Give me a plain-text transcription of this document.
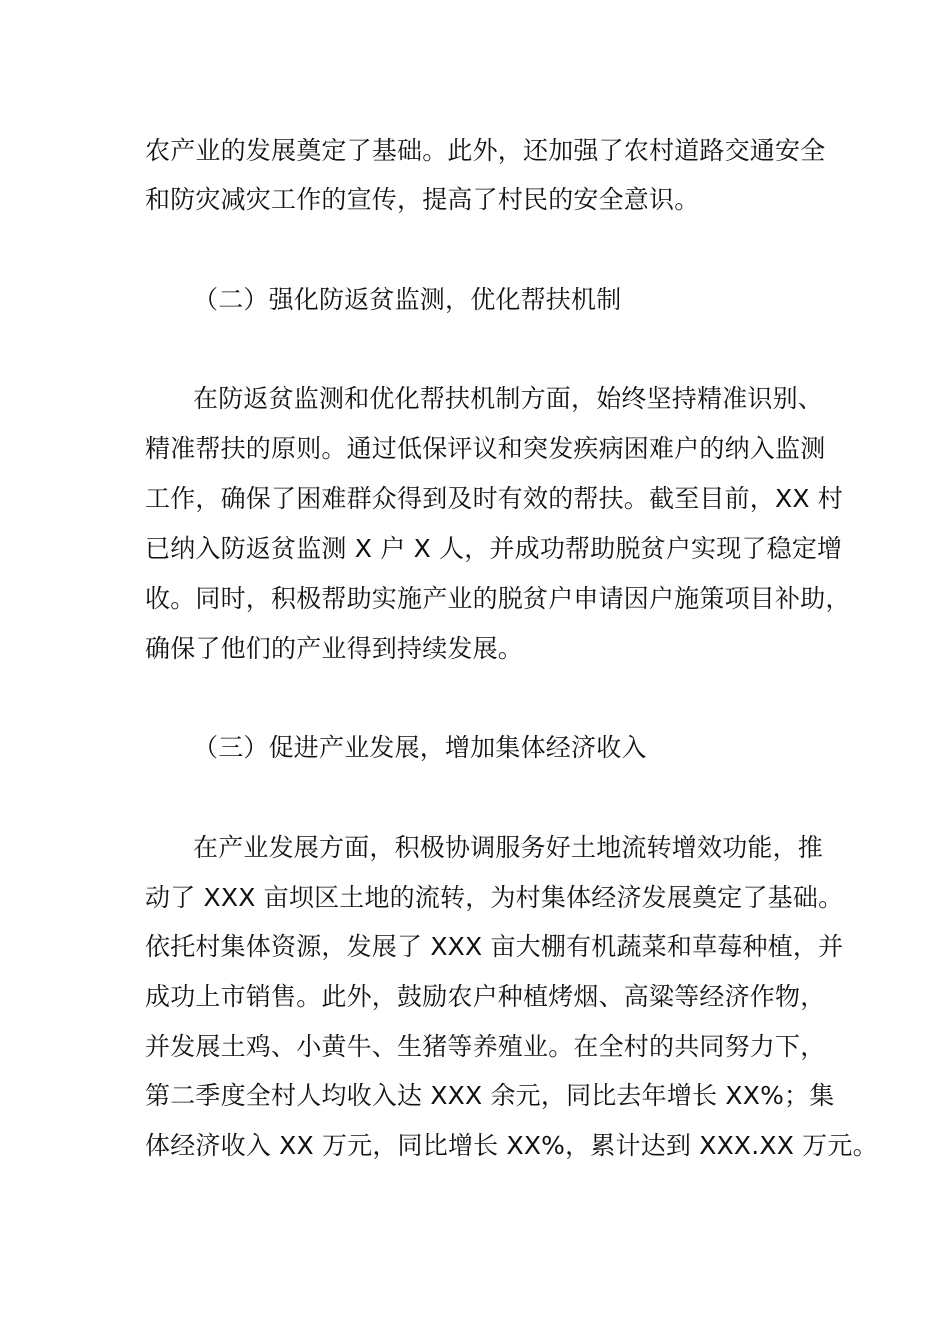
农产业的发展奠定了基础。此外，还加强了农村道路交通安全
和防灾减灾工作的宣传，提高了村民的安全意识。
（二）强化防返贫监测，优化帮扶机制
在防返贫监测和优化帮扶机制方面，始终坚持精准识别、
精准帮扶的原则。通过低保评议和突发疾病困难户的纳入监测
工作，确保了困难群众得到及时有效的帮扶。截至目前，XX 村
已纳入防返贫监测 X 户 X 人，并成功帮助脱贫户实现了稳定增
收。同时，积极帮助实施产业的脱贫户申请因户施策项目补助，
确保了他们的产业得到持续发展。
（三）促进产业发展，增加集体经济收入
在产业发展方面，积极协调服务好土地流转增效功能，推
动了 XXX 亩坝区土地的流转，为村集体经济发展奠定了基础。
依托村集体资源，发展了 XXX 亩大棚有机蔬菜和草莓种植，并
成功上市销售。此外，鼓励农户种植烤烟、高粱等经济作物，
并发展土鸡、小黄牛、生猪等养殖业。在全村的共同努力下，
第二季度全村人均收入达 XXX 余元，同比去年增长 XX%；集
体经济收入 XX 万元，同比增长 XX%，累计达到 XXX.XX 万元。
